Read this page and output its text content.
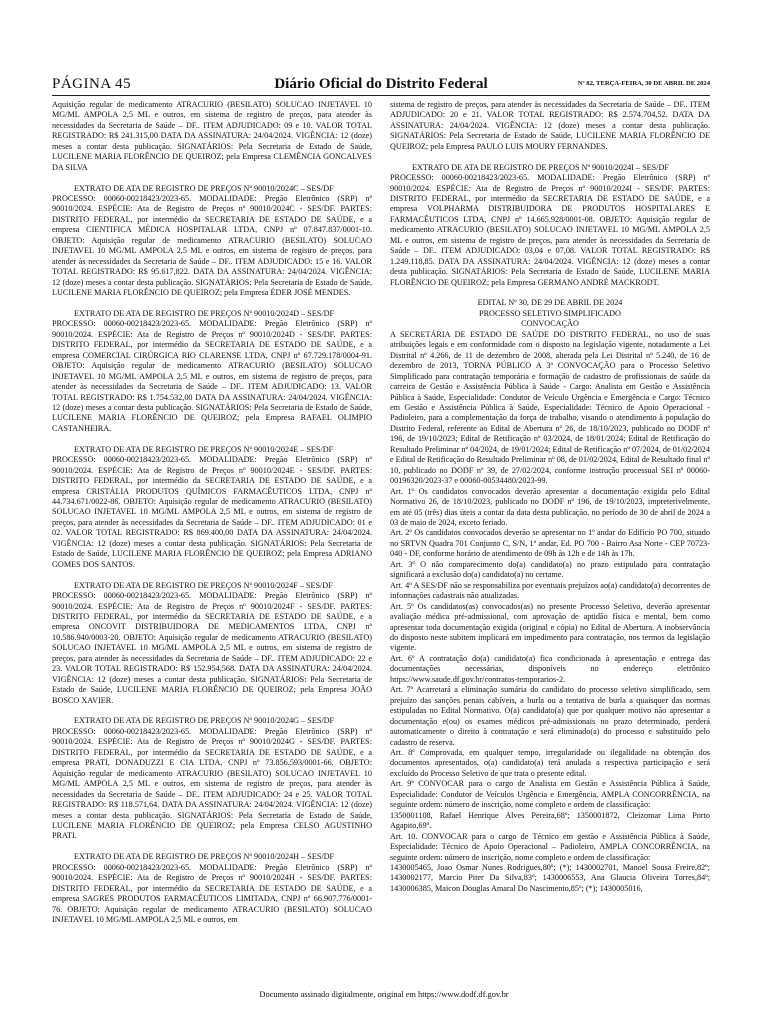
PÁGINA 45	Diário Oficial do Distrito Federal	Nº 82, TERÇA-FEIRA, 30 DE ABRIL DE 2024

Aquisição regular de medicamento ATRACURIO (BESILATO) SOLUCAO INJETAVEL 10 MG/ML AMPOLA 2,5 ML e outros, em sistema de registro de preços, para atender às necessidades da Secretaria de Saúde – DF.. ITEM ADJUDICADO: 09 e 10. VALOR TOTAL REGISTRADO: R$ 241.315,00 DATA DA ASSINATURA: 24/04/2024. VIGÊNCIA: 12 (doze) meses a contar desta publicação. SIGNATÁRIOS: Pela Secretaria de Estado de Saúde, LUCILENE MARIA FLORÊNCIO DE QUEIROZ; pela Empresa CLEMÊNCIA GONCALVES DA SILVA

EXTRATO DE ATA DE REGISTRO DE PREÇOS Nº 90010/2024C – SES/DF

PROCESSO: 00060-00218423/2023-65. MODALIDADE: Pregão Eletrônico (SRP) nº 90010/2024. ESPÉCIE: Ata de Registro de Preços nº 90010/2024C - SES/DF. PARTES: DISTRITO FEDERAL, por intermédio da SECRETARIA DE ESTADO DE SAÚDE, e a empresa CIENTIFICA MÉDICA HOSPITALAR LTDA, CNPJ nº 07.847.837/0001-10. OBJETO: Aquisição regular de medicamento ATRACURIO (BESILATO) SOLUCAO INJETAVEL 10 MG/ML AMPOLA 2,5 ML e outros, em sistema de registro de preços, para atender às necessidades da Secretaria de Saúde – DF.. ITEM ADJUDICADO: 15 e 16. VALOR TOTAL REGISTRADO: R$ 95.617,822. DATA DA ASSINATURA: 24/04/2024. VIGÊNCIA: 12 (doze) meses a contar desta publicação. SIGNATÁRIOS: Pela Secretaria de Estado de Saúde, LUCILENE MARIA FLORÊNCIO DE QUEIROZ; pela Empresa ÉDER JOSÉ MENDES.

EXTRATO DE ATA DE REGISTRO DE PREÇOS Nº 90010/2024D – SES/DF

PROCESSO: 00060-00218423/2023-65. MODALIDADE: Pregão Eletrônico (SRP) nº 90010/2024. ESPÉCIE: Ata de Registro de Preços nº 90010/2024D - SES/DF. PARTES: DISTRITO FEDERAL, por intermédio da SECRETARIA DE ESTADO DE SAÚDE, e a empresa COMERCIAL CIRÚRGICA RIO CLARENSE LTDA, CNPJ nº 67.729.178/0004-91. OBJETO: Aquisição regular de medicamento ATRACURIO (BESILATO) SOLUCAO INJETAVEL 10 MG/ML AMPOLA 2,5 ML e outros, em sistema de registro de preços, para atender às necessidades da Secretaria de Saúde – DF.. ITEM ADJUDICADO: 13. VALOR TOTAL REGISTRADO: R$ 1.754.532,00 DATA DA ASSINATURA: 24/04/2024. VIGÊNCIA: 12 (doze) meses a contar desta publicação. SIGNATÁRIOS: Pela Secretaria de Estado de Saúde, LUCILENE MARIA FLORÊNCIO DE QUEIROZ; pela Empresa RAFAEL OLIMPIO CASTANHEIRA.

EXTRATO DE ATA DE REGISTRO DE PREÇOS Nº 90010/2024E – SES/DF

PROCESSO: 00060-00218423/2023-65. MODALIDADE: Pregão Eletrônico (SRP) nº 90010/2024. ESPÉCIE: Ata de Registro de Preços nº 90010/2024E - SES/DF. PARTES: DISTRITO FEDERAL, por intermédio da SECRETARIA DE ESTADO DE SAÚDE, e a empresa CRISTÁLIA PRODUTOS QUÍMICOS FARMACÊUTICOS LTDA, CNPJ nº 44.734.671/0022-86. OBJETO: Aquisição regular de medicamento ATRACURIO (BESILATO) SOLUCAO INJETAVEL 10 MG/ML AMPOLA 2,5 ML e outros, em sistema de registro de preços, para atender às necessidades da Secretaria de Saúde – DF.. ITEM ADJUDICADO: 01 e 02. VALOR TOTAL REGISTRADO: R$ 869.400,00 DATA DA ASSINATURA: 24/04/2024. VIGÊNCIA: 12 (doze) meses a contar desta publicação. SIGNATÁRIOS: Pela Secretaria de Estado de Saúde, LUCILENE MARIA FLORÊNCIO DE QUEIROZ; pela Empresa ADRIANO GOMES DOS SANTOS.

EXTRATO DE ATA DE REGISTRO DE PREÇOS Nº 90010/2024F – SES/DF

PROCESSO: 00060-00218423/2023-65. MODALIDADE: Pregão Eletrônico (SRP) nº 90010/2024. ESPÉCIE: Ata de Registro de Preços nº 90010/2024F - SES/DF. PARTES: DISTRITO FEDERAL, por intermédio da SECRETARIA DE ESTADO DE SAÚDE, e a empresa ONCOVIT DISTRIBUIDORA DE MEDICAMENTOS LTDA, CNPJ nº 10.586.940/0003-20. OBJETO: Aquisição regular de medicamento ATRACURIO (BESILATO) SOLUCAO INJETAVEL 10 MG/ML AMPOLA 2,5 ML e outros, em sistema de registro de preços, para atender às necessidades da Secretaria de Saúde – DF.. ITEM ADJUDICADO: 22 e 23. VALOR TOTAL REGISTRADO: R$ 152.954,568. DATA DA ASSINATURA: 24/04/2024. VIGÊNCIA: 12 (doze) meses a contar desta publicação. SIGNATÁRIOS: Pela Secretaria de Estado de Saúde, LUCILENE MARIA FLORÊNCIO DE QUEIROZ; pela Empresa JOÃO BOSCO XAVIER.

EXTRATO DE ATA DE REGISTRO DE PREÇOS Nº 90010/2024G – SES/DF

PROCESSO: 00060-00218423/2023-65. MODALIDADE: Pregão Eletrônico (SRP) nº 90010/2024. ESPÉCIE: Ata de Registro de Preços nº 90010/2024G - SES/DF. PARTES: DISTRITO FEDERAL, por intermédio da SECRETARIA DE ESTADO DE SAÚDE, e a empresa PRATI, DONADUZZI E CIA LTDA, CNPJ nº 73.856.593/0001-66. OBJETO: Aquisição regular de medicamento ATRACURIO (BESILATO) SOLUCAO INJETAVEL 10 MG/ML AMPOLA 2,5 ML e outros, em sistema de registro de preços, para atender às necessidades da Secretaria de Saúde – DF.. ITEM ADJUDICADO: 24 e 25. VALOR TOTAL REGISTRADO: R$ 118.571,64. DATA DA ASSINATURA: 24/04/2024. VIGÊNCIA: 12 (doze) meses a contar desta publicação. SIGNATÁRIOS: Pela Secretaria de Estado de Saúde, LUCILENE MARIA FLORÊNCIO DE QUEIROZ; pela Empresa CELSO AGUSTINHO PRATI.

EXTRATO DE ATA DE REGISTRO DE PREÇOS Nº 90010/2024H – SES/DF

PROCESSO: 00060-00218423/2023-65. MODALIDADE: Pregão Eletrônico (SRP) nº 90010/2024. ESPÉCIE: Ata de Registro de Preços nº 90010/2024H - SES/DF. PARTES: DISTRITO FEDERAL, por intermédio da SECRETARIA DE ESTADO DE SAÚDE, e a empresa SAGRES PRODUTOS FARMACÊUTICOS LIMITADA, CNPJ nº 66.907.776/0001-76. OBJETO: Aquisição regular de medicamento ATRACURIO (BESILATO) SOLUCAO INJETAVEL 10 MG/ML AMPOLA 2,5 ML e outros, em

sistema de registro de preços, para atender às necessidades da Secretaria de Saúde – DF.. ITEM ADJUDICADO: 20 e 21. VALOR TOTAL REGISTRADO: R$ 2.574.704,52. DATA DA ASSINATURA: 24/04/2024. VIGÊNCIA: 12 (doze) meses a contar desta publicação. SIGNATÁRIOS: Pela Secretaria de Estado de Saúde, LUCILENE MARIA FLORÊNCIO DE QUEIROZ; pela Empresa PAULO LUIS MOURY FERNANDES.

EXTRATO DE ATA DE REGISTRO DE PREÇOS Nº 90010/2024I – SES/DF

PROCESSO: 00060-00218423/2023-65. MODALIDADE: Pregão Eletrônico (SRP) nº 90010/2024. ESPÉCIE: Ata de Registro de Preços nº 90010/2024I - SES/DF. PARTES: DISTRITO FEDERAL, por intermédio da SECRETARIA DE ESTADO DE SAÚDE, e a empresa VOLPHARMA DISTRIBUIDORA DE PRODUTOS HOSPITALARES E FARMACÊUTICOS LTDA, CNPJ nº 14.665.928/0001-08. OBJETO: Aquisição regular de medicamento ATRACURIO (BESILATO) SOLUCAO INJETAVEL 10 MG/ML AMPOLA 2,5 ML e outros, em sistema de registro de preços, para atender às necessidades da Secretaria de Saúde – DF.. ITEM ADJUDICADO: 03,04 e 07,08. VALOR TOTAL REGISTRADO: R$ 1.249.118,85. DATA DA ASSINATURA: 24/04/2024. VIGÊNCIA: 12 (doze) meses a contar desta publicação. SIGNATÁRIOS: Pela Secretaria de Estado de Saúde, LUCILENE MARIA FLORÊNCIO DE QUEIROZ; pela Empresa GERMANO ANDRÉ MACKRODT.

EDITAL Nº 30, DE 29 DE ABRIL DE 2024

PROCESSO SELETIVO SIMPLIFICADO

CONVOCAÇÃO

A SECRETÁRIA DE ESTADO DE SAÚDE DO DISTRITO FEDERAL, no uso de suas atribuições legais e em conformidade com o disposto na legislação vigente, notadamente a Lei Distrital nº 4.266, de 11 de dezembro de 2008, alterada pela Lei Distrital nº 5.240, de 16 de dezembro de 2013, TORNA PÚBLICO A 3ª CONVOCAÇÃO para o Processo Seletivo Simplificado para contratação temporária e formação de cadastro de profissionais de saúde da carreira de Gestão e Assistência Pública à Saúde - Cargo: Analista em Gestão e Assistência Pública à Saúde, Especialidade: Condutor de Veículo Urgência e Emergência e Cargo: Técnico em Gestão e Assistência Pública à Saúde, Especialidade: Técnico de Apoio Operacional - Padioleiro, para a complementação da força de trabalho, visando o atendimento à população do Distrito Federal, referente ao Edital de Abertura nº 26, de 18/10/2023, publicado no DODF nº 196, de 19/10/2023; Edital de Retificação nº 03/2024, de 18/01/2024; Edital de Retificação do Resultado Preliminar nº 04/2024, de 19/01/2024; Edital de Retificação nº 07/2024, de 01/02/2024 e Edital de Retificação do Resultado Preliminar nº 08, de 01/02/2024, Edital de Resultado final nº 10, publicado no DODF nº 39, de 27/02/2024, conforme instrução processual SEI nº 00060-00196320/2023-37 e 00060-00534480/2023-99.

Art. 1º Os candidatos convocados deverão apresentar a documentação exigida pelo Edital Normativo 26, de 18/10/2023, publicado no DODF nº 196, de 19/10/2023, impreterivelmente, em até 05 (três) dias úteis a contar da data desta publicação, no período de 30 de abril de 2024 a 03 de maio de 2024, exceto feriado.

Art. 2º Os candidatos convocados deverão se apresentar no 1º andar do Edifício PO 700, situado no SRTVN Quadra 701 Conjunto C, S/N, 1º andar, Ed. PO 700 - Bairro Asa Norte - CEP 70723-040 - DF, conforme horário de atendimento de 09h às 12h e de 14h às 17h.

Art. 3º O não comparecimento do(a) candidato(a) no prazo estipulado para contratação significará a exclusão do(a) candidato(a) no certame.

Art. 4º A SES/DF não se responsabiliza por eventuais prejuízos ao(a) candidato(a) decorrentes de informações cadastrais não atualizadas.

Art. 5º Os candidatos(as) convocados(as) no presente Processo Seletivo, deverão apresentar avaliação médica pré-admissional, com aprovação de aptidão física e mental, bem como apresentar toda documentação exigida (original e cópia) no Edital de Abertura. A inobservância do disposto neste subitem implicará em impedimento para contratação, nos termos da legislação vigente.

Art. 6º A contratação do(a) candidato(a) fica condicionada à apresentação e entrega das documentações necessárias, disponíveis no endereço eletrônico https://www.saude.df.gov.br/contratos-temporarios-2.

Art. 7º Acarretará a eliminação sumária do candidato do processo seletivo simplificado, sem prejuízo das sanções penais cabíveis, a burla ou a tentativa de burla a quaisquer das normas estipuladas no Edital Normativo. O(a) candidato(a) que por qualquer motivo não apresentar a documentação e(ou) os exames médicos pré-admissionais no prazo determinado, perderá automaticamente o direito à contratação e será eliminado(a) do processo e substituído pelo cadastro de reserva.

Art. 8º Comprovada, em qualquer tempo, irregularidade ou ilegalidade na obtenção dos documentos apresentados, o(a) candidato(a) terá anulada a respectiva participação e será excluído do Processo Seletivo de que trata o presente edital.

Art. 9º CONVOCAR para o cargo de Analista em Gestão e Assistência Pública à Saúde, Especialidade: Condutor de Veículos Urgência e Emergência, AMPLA CONCORRÊNCIA, na seguinte ordem: número de inscrição, nome completo e ordem de classificação:

1350001108, Rafael Henrique Alves Pereira,68º; 1350001872, Cleizomar Lima Porto Agapito,69º.

Art. 10. CONVOCAR para o cargo de Técnico em gestão e Assistência Pública à Saúde, Especialidade: Técnico de Apoio Operacional – Padioleiro, AMPLA CONCORRÊNCIA, na seguinte ordem: número de inscrição, nome completo e ordem de classificação:

1430005465, Joao Osmar Nunes Rodrigues,80º; (*); 1430002701, Manoel Sousa Freire,82º; 1430002177, Marcio Piter Da Silva,83º; 1430006553, Ana Glaucia Oliveira Torres,84º; 1430006385, Maicon Douglas Amaral Do Nascimento,85º; (*); 1430005016,

Documento assinado digitalmente, original em https://www.dodf.df.gov.br
